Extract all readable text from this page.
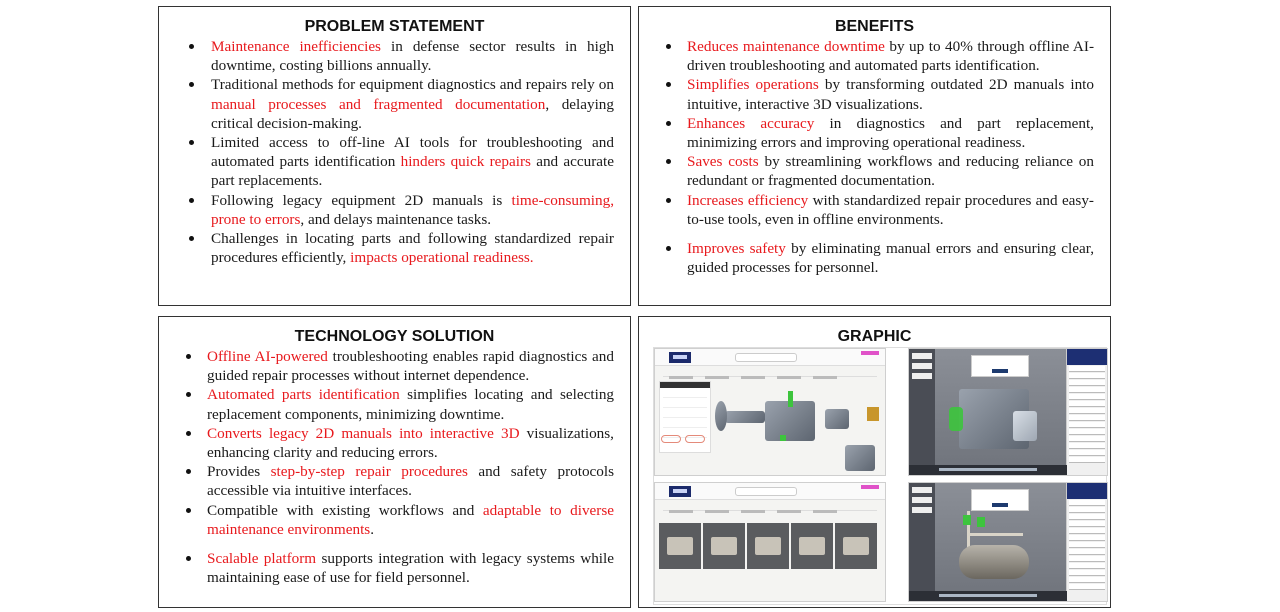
PROBLEM STATEMENT
Maintenance inefficiencies in defense sector results in high downtime, costing billions annually.
Traditional methods for equipment diagnostics and repairs rely on manual processes and fragmented documentation, delaying critical decision-making.
Limited access to off-line AI tools for troubleshooting and automated parts identification hinders quick repairs and accurate part replacements.
Following legacy equipment 2D manuals is time-consuming, prone to errors, and delays maintenance tasks.
Challenges in locating parts and following standardized repair procedures efficiently, impacts operational readiness.
BENEFITS
Reduces maintenance downtime by up to 40% through offline AI-driven troubleshooting and automated parts identification.
Simplifies operations by transforming outdated 2D manuals into intuitive, interactive 3D visualizations.
Enhances accuracy in diagnostics and part replacement, minimizing errors and improving operational readiness.
Saves costs by streamlining workflows and reducing reliance on redundant or fragmented documentation.
Increases efficiency with standardized repair procedures and easy-to-use tools, even in offline environments.
Improves safety by eliminating manual errors and ensuring clear, guided processes for personnel.
TECHNOLOGY SOLUTION
Offline AI-powered troubleshooting enables rapid diagnostics and guided repair processes without internet dependence.
Automated parts identification simplifies locating and selecting replacement components, minimizing downtime.
Converts legacy 2D manuals into interactive 3D visualizations, enhancing clarity and reducing errors.
Provides step-by-step repair procedures and safety protocols accessible via intuitive interfaces.
Compatible with existing workflows and adaptable to diverse maintenance environments.
Scalable platform supports integration with legacy systems while maintaining ease of use for field personnel.
GRAPHIC
